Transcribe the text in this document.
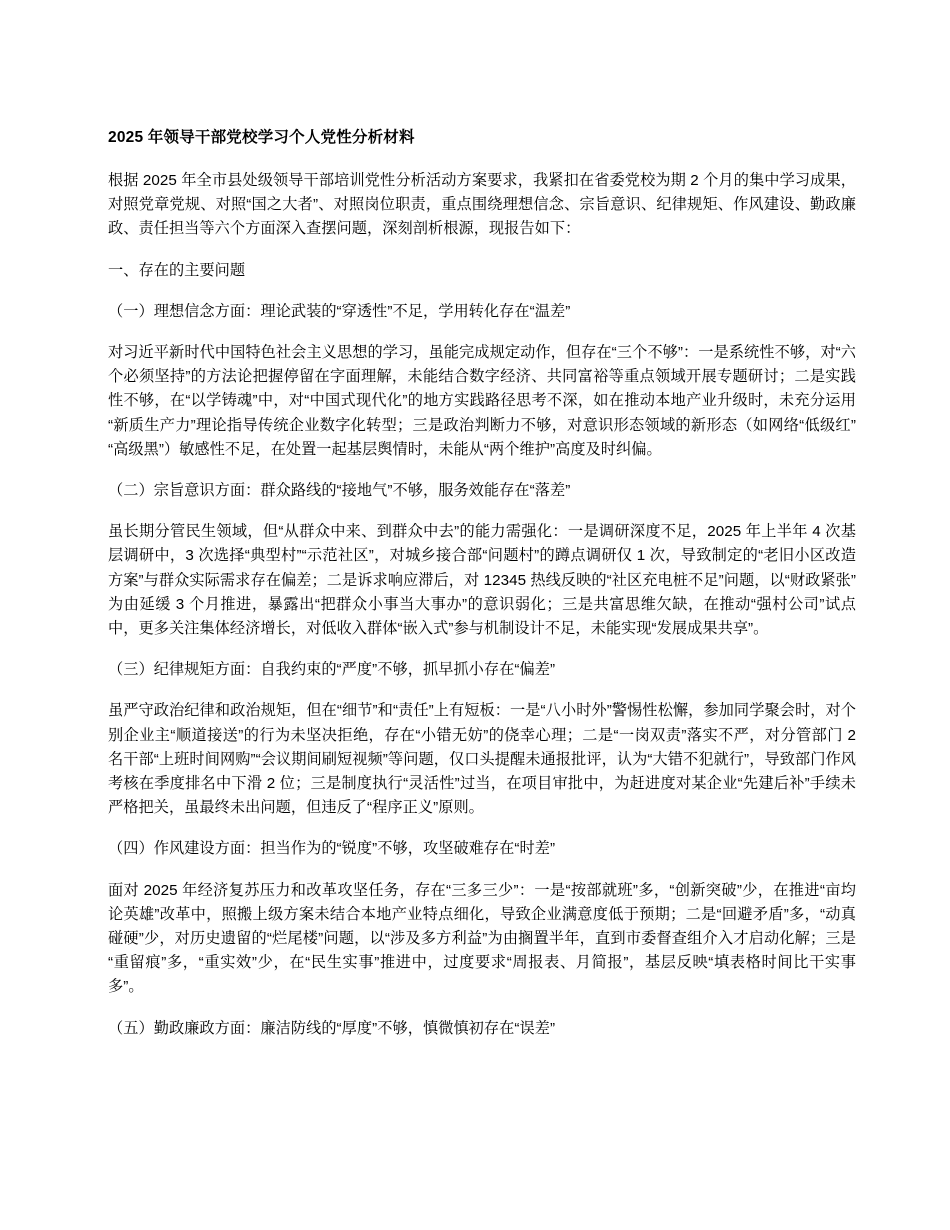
2025 年领导干部党校学习个人党性分析材料

根据 2025 年全市县处级领导干部培训党性分析活动方案要求，我紧扣在省委党校为期 2 个月的集中学习成果，对照党章党规、对照“国之大者”、对照岗位职责，重点围绕理想信念、宗旨意识、纪律规矩、作风建设、勤政廉政、责任担当等六个方面深入查摆问题，深刻剖析根源，现报告如下：

一、存在的主要问题

（一）理想信念方面：理论武装的“穿透性”不足，学用转化存在“温差”

对习近平新时代中国特色社会主义思想的学习，虽能完成规定动作，但存在“三个不够”：一是系统性不够，对“六个必须坚持”的方法论把握停留在字面理解，未能结合数字经济、共同富裕等重点领域开展专题研讨；二是实践性不够，在“以学铸魂”中，对“中国式现代化”的地方实践路径思考不深，如在推动本地产业升级时，未充分运用“新质生产力”理论指导传统企业数字化转型；三是政治判断力不够，对意识形态领域的新形态（如网络“低级红”“高级黑”）敏感性不足，在处置一起基层舆情时，未能从“两个维护”高度及时纠偏。

（二）宗旨意识方面：群众路线的“接地气”不够，服务效能存在“落差”

虽长期分管民生领域，但“从群众中来、到群众中去”的能力需强化：一是调研深度不足，2025 年上半年 4 次基层调研中，3 次选择“典型村”“示范社区”，对城乡接合部“问题村”的蹲点调研仅 1 次，导致制定的“老旧小区改造方案”与群众实际需求存在偏差；二是诉求响应滞后，对 12345 热线反映的“社区充电桩不足”问题，以“财政紧张”为由延缓 3 个月推进，暴露出“把群众小事当大事办”的意识弱化；三是共富思维欠缺，在推动“强村公司”试点中，更多关注集体经济增长，对低收入群体“嵌入式”参与机制设计不足，未能实现“发展成果共享”。

（三）纪律规矩方面：自我约束的“严度”不够，抓早抓小存在“偏差”

虽严守政治纪律和政治规矩，但在“细节”和“责任”上有短板：一是“八小时外”警惕性松懈，参加同学聚会时，对个别企业主“顺道接送”的行为未坚决拒绝，存在“小错无妨”的侥幸心理；二是“一岗双责”落实不严，对分管部门 2 名干部“上班时间网购”“会议期间刷短视频”等问题，仅口头提醒未通报批评，认为“大错不犯就行”，导致部门作风考核在季度排名中下滑 2 位；三是制度执行“灵活性”过当，在项目审批中，为赶进度对某企业“先建后补”手续未严格把关，虽最终未出问题，但违反了“程序正义”原则。

（四）作风建设方面：担当作为的“锐度”不够，攻坚破难存在“时差”

面对 2025 年经济复苏压力和改革攻坚任务，存在“三多三少”：一是“按部就班”多，“创新突破”少，在推进“亩均论英雄”改革中，照搬上级方案未结合本地产业特点细化，导致企业满意度低于预期；二是“回避矛盾”多，“动真碰硬”少，对历史遗留的“烂尾楼”问题，以“涉及多方利益”为由搁置半年，直到市委督查组介入才启动化解；三是“重留痕”多，“重实效”少，在“民生实事”推进中，过度要求“周报表、月简报”，基层反映“填表格时间比干实事多”。

（五）勤政廉政方面：廉洁防线的“厚度”不够，慎微慎初存在“误差”
